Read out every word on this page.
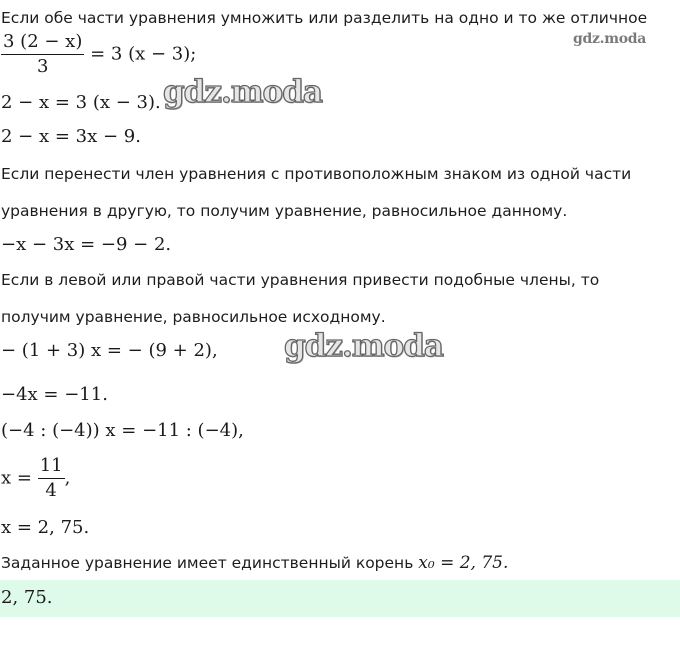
Если обе части уравнения умножить или разделить на одно и то же отличное
gdz.moda
$\frac{3 (2 - x)}{3} = 3$ (x − 3);
2 − x = 3 (x − 3). gdz.moda
2 − x = 3x − 9.
Если перенести член уравнения с противоположным знаком из одной части
уравнения в другую, то получим уравнение, равносильное данному.
−x − 3x = −9 − 2.
Если в левой или правой части уравнения привести подобные члены, то
получим уравнение, равносильное исходному.
− (1 + 3) x = − (9 + 2), gdz.moda
−4x = −11.
(−4 : (−4)) x = −11 : (−4),
$x = \frac{11}{4}$ ,
x = 2, 75.
Заданное уравнение имеет единственный корень x₀ = 2, 75.
2, 75.
